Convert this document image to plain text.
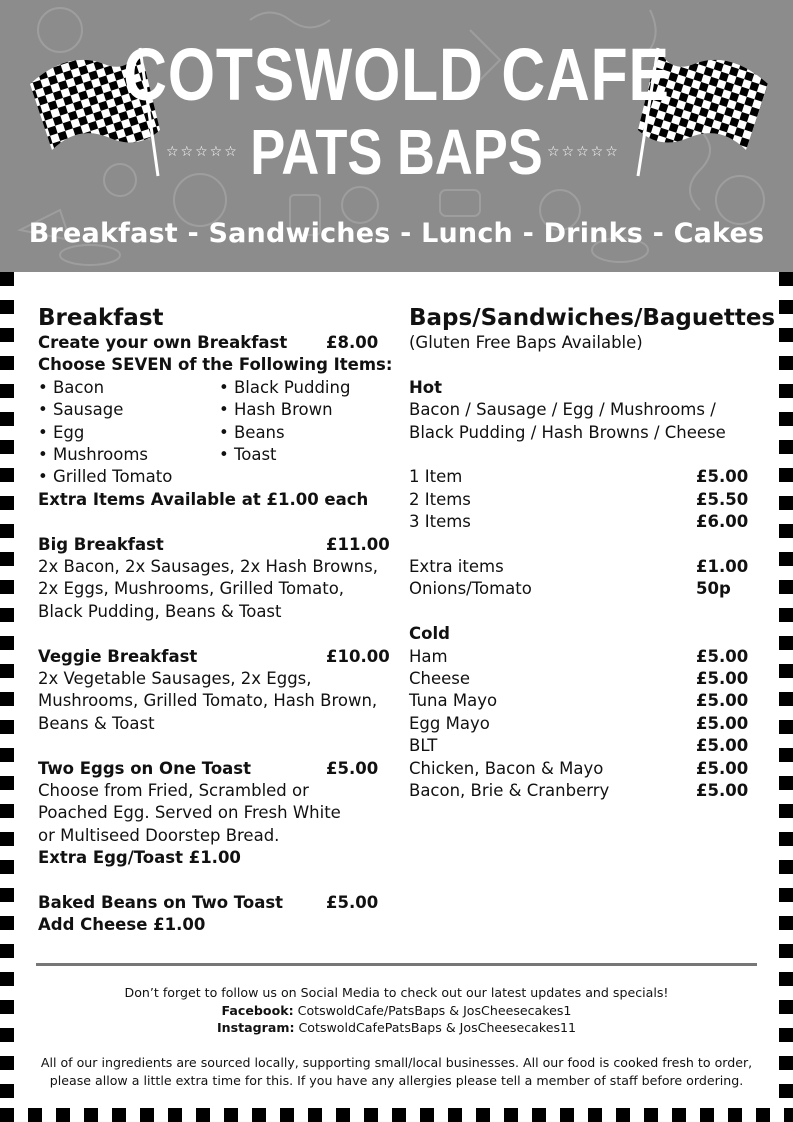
COTSWOLD CAFE
☆☆☆☆☆ PATS BAPS ☆☆☆☆☆
Breakfast - Sandwiches - Lunch - Drinks - Cakes
Breakfast
Create your own Breakfast £8.00
Choose SEVEN of the Following Items:
• Bacon	• Black Pudding
• Sausage	• Hash Brown
• Egg	• Beans
• Mushrooms	• Toast
• Grilled Tomato
Extra Items Available at £1.00 each
Big Breakfast	£11.00
2x Bacon, 2x Sausages, 2x Hash Browns,
2x Eggs, Mushrooms, Grilled Tomato,
Black Pudding, Beans & Toast
Veggie Breakfast	£10.00
2x Vegetable Sausages, 2x Eggs,
Mushrooms, Grilled Tomato, Hash Brown,
Beans & Toast
Two Eggs on One Toast	£5.00
Choose from Fried, Scrambled or
Poached Egg. Served on Fresh White
or Multiseed Doorstep Bread.
Extra Egg/Toast £1.00
Baked Beans on Two Toast	£5.00
Add Cheese £1.00
Baps/Sandwiches/Baguettes
(Gluten Free Baps Available)
Hot
Bacon / Sausage / Egg / Mushrooms /
Black Pudding / Hash Browns / Cheese
1 Item	£5.00
2 Items	£5.50
3 Items	£6.00
Extra items	£1.00
Onions/Tomato	50p
Cold
Ham	£5.00
Cheese	£5.00
Tuna Mayo	£5.00
Egg Mayo	£5.00
BLT	£5.00
Chicken, Bacon & Mayo	£5.00
Bacon, Brie & Cranberry	£5.00
Don’t forget to follow us on Social Media to check out our latest updates and specials!
Facebook: CotswoldCafe/PatsBaps & JosCheesecakes1
Instagram: CotswoldCafePatsBaps & JosCheesecakes11
All of our ingredients are sourced locally, supporting small/local businesses. All our food is cooked fresh to order,
please allow a little extra time for this. If you have any allergies please tell a member of staff before ordering.
